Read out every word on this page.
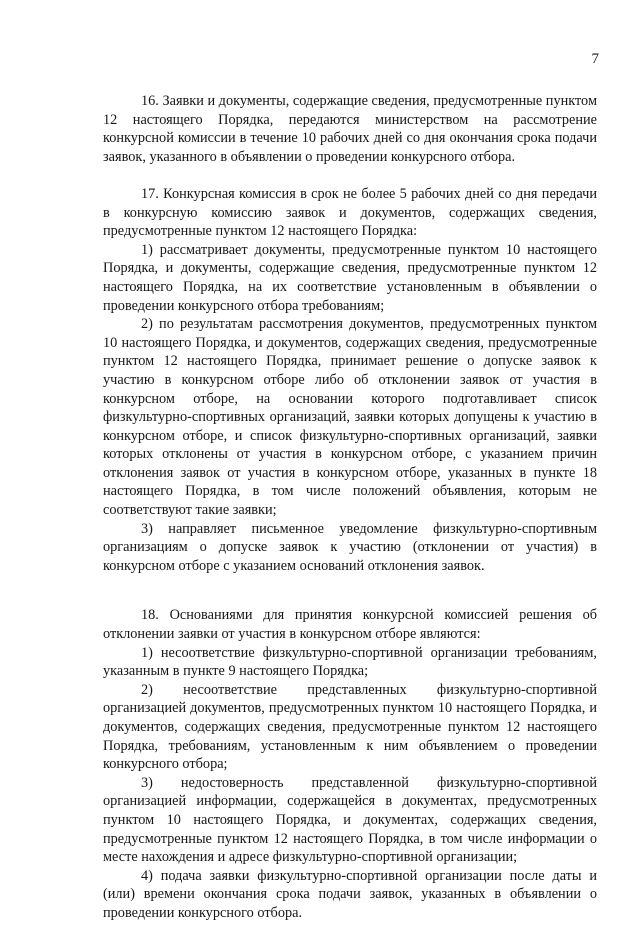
7

16. Заявки и документы, содержащие сведения, предусмотренные пунктом 12 настоящего Порядка, передаются министерством на рассмотрение конкурсной комиссии в течение 10 рабочих дней со дня окончания срока подачи заявок, указанного в объявлении о проведении конкурсного отбора.

17. Конкурсная комиссия в срок не более 5 рабочих дней со дня передачи в конкурсную комиссию заявок и документов, содержащих сведения, предусмотренные пунктом 12 настоящего Порядка:

1) рассматривает документы, предусмотренные пунктом 10 настоящего Порядка, и документы, содержащие сведения, предусмотренные пунктом 12 настоящего Порядка, на их соответствие установленным в объявлении о проведении конкурсного отбора требованиям;

2) по результатам рассмотрения документов, предусмотренных пунктом 10 настоящего Порядка, и документов, содержащих сведения, предусмотренные пунктом 12 настоящего Порядка, принимает решение о допуске заявок к участию в конкурсном отборе либо об отклонении заявок от участия в конкурсном отборе, на основании которого подготавливает список физкультурно-спортивных организаций, заявки которых допущены к участию в конкурсном отборе, и список физкультурно-спортивных организаций, заявки которых отклонены от участия в конкурсном отборе, с указанием причин отклонения заявок от участия в конкурсном отборе, указанных в пункте 18 настоящего Порядка, в том числе положений объявления, которым не соответствуют такие заявки;

3) направляет письменное уведомление физкультурно-спортивным организациям о допуске заявок к участию (отклонении от участия) в конкурсном отборе с указанием оснований отклонения заявок.

18. Основаниями для принятия конкурсной комиссией решения об отклонении заявки от участия в конкурсном отборе являются:

1) несоответствие физкультурно-спортивной организации требованиям, указанным в пункте 9 настоящего Порядка;

2) несоответствие представленных физкультурно-спортивной организацией документов, предусмотренных пунктом 10 настоящего Порядка, и документов, содержащих сведения, предусмотренные пунктом 12 настоящего Порядка, требованиям, установленным к ним объявлением о проведении конкурсного отбора;

3) недостоверность представленной физкультурно-спортивной организацией информации, содержащейся в документах, предусмотренных пунктом 10 настоящего Порядка, и документах, содержащих сведения, предусмотренные пунктом 12 настоящего Порядка, в том числе информации о месте нахождения и адресе физкультурно-спортивной организации;

4) подача заявки физкультурно-спортивной организации после даты и (или) времени окончания срока подачи заявок, указанных в объявлении о проведении конкурсного отбора.
